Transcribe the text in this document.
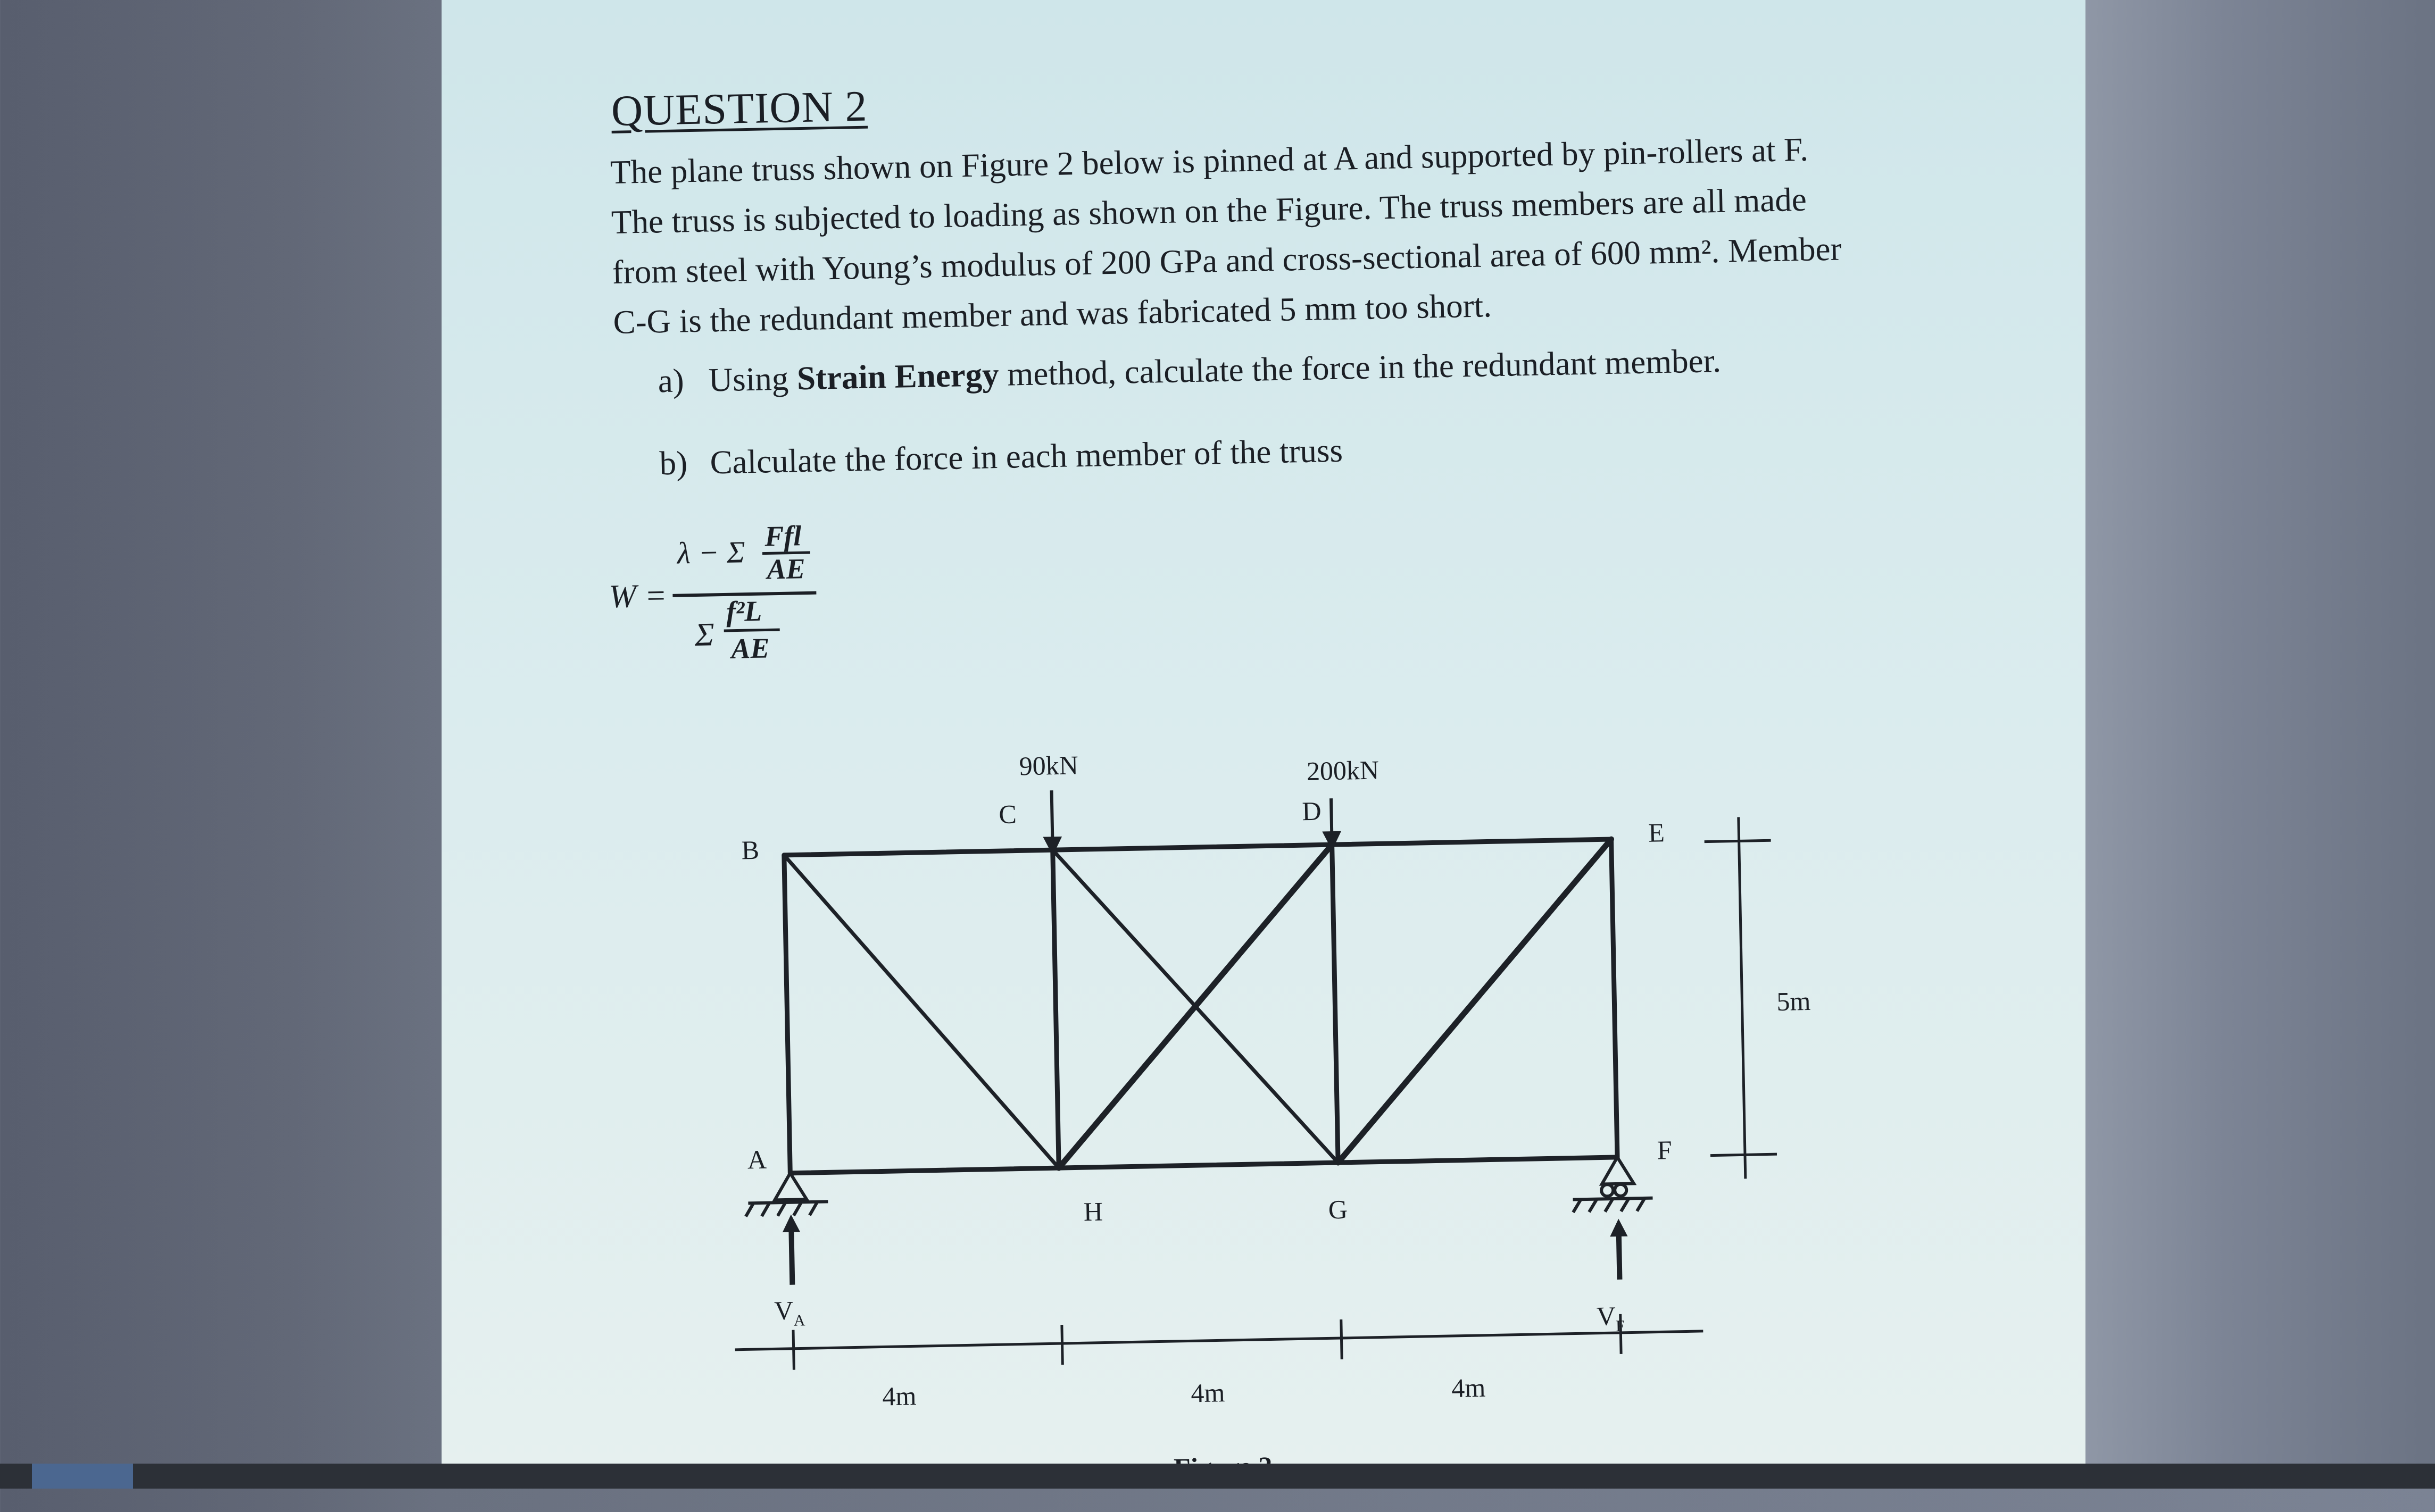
QUESTION 2
The plane truss shown on Figure 2 below is pinned at A and supported by pin-rollers at F.
The truss is subjected to loading as shown on the Figure. The truss members are all made
from steel with Young’s modulus of 200 GPa and cross-sectional area of 600 mm². Member
C-G is the redundant member and was fabricated 5 mm too short.
a) Using Strain Energy method, calculate the force in the redundant member.
b) Calculate the force in each member of the truss
W =
λ − Σ Ffl
AE
Σ
f²L
AE
B
C	D
E
A	F
H	G
90kN	200kN
$V_A$	$V_F$
4m	4m	4m
5m
